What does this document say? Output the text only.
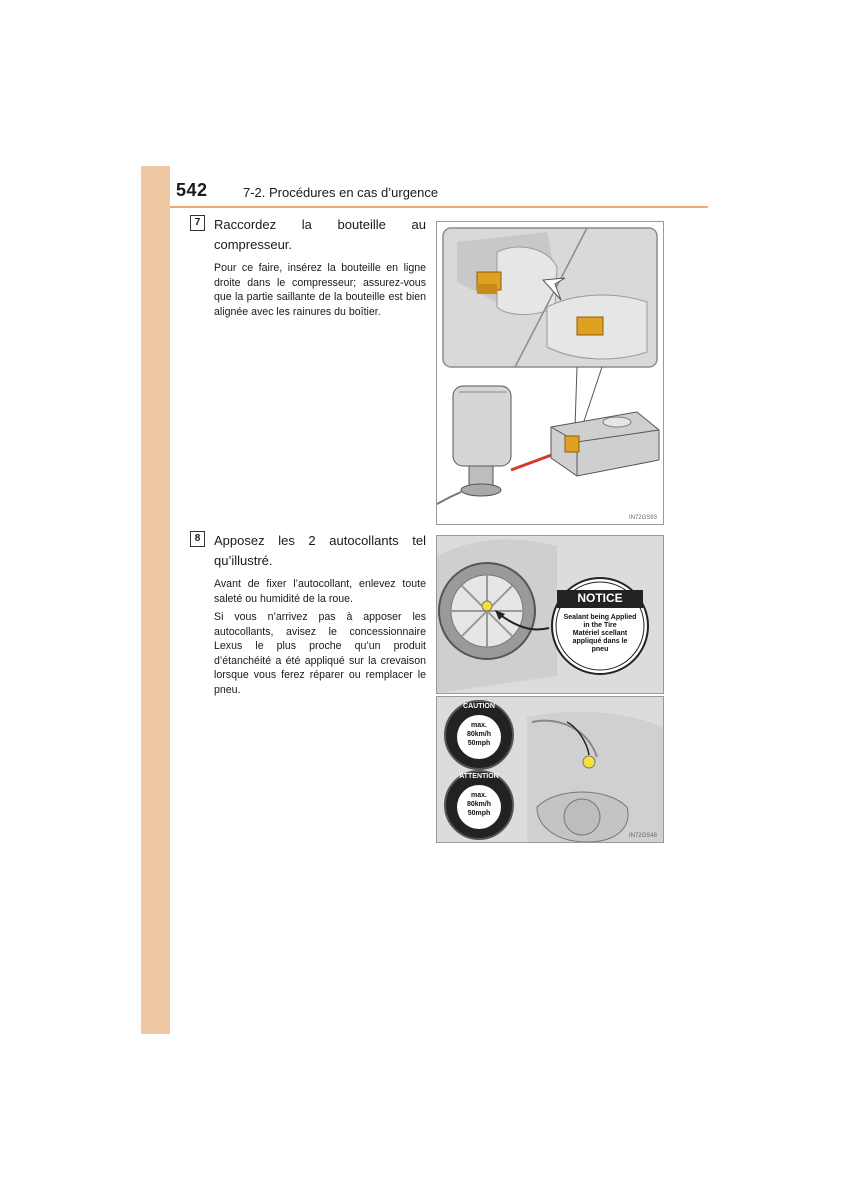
542	7-2. Procédures en cas d’urgence
7	Raccordez la bouteille au compresseur.

Pour ce faire, insérez la bouteille en ligne droite dans le compresseur; assurez-vous que la partie saillante de la bouteille est bien alignée avec les rainures du boîtier.

IN72GS93
8	Apposez les 2 autocollants tel qu’illustré.

Avant de fixer l’autocollant, enlevez toute saleté ou humidité de la roue.

Si vous n’arrivez pas à apposer les autocollants, avisez le concessionnaire Lexus le plus proche qu’un produit d’étanchéité a été appliqué sur la crevaison lorsque vous ferez réparer ou remplacer le pneu.

NOTICE
Sealant being Applied
in the Tire
Matériel scellant
appliqué dans le
pneu
CAUTION
max.
80km/h
50mph
ATTENTION
max.
80km/h
50mph
IN72GS48
